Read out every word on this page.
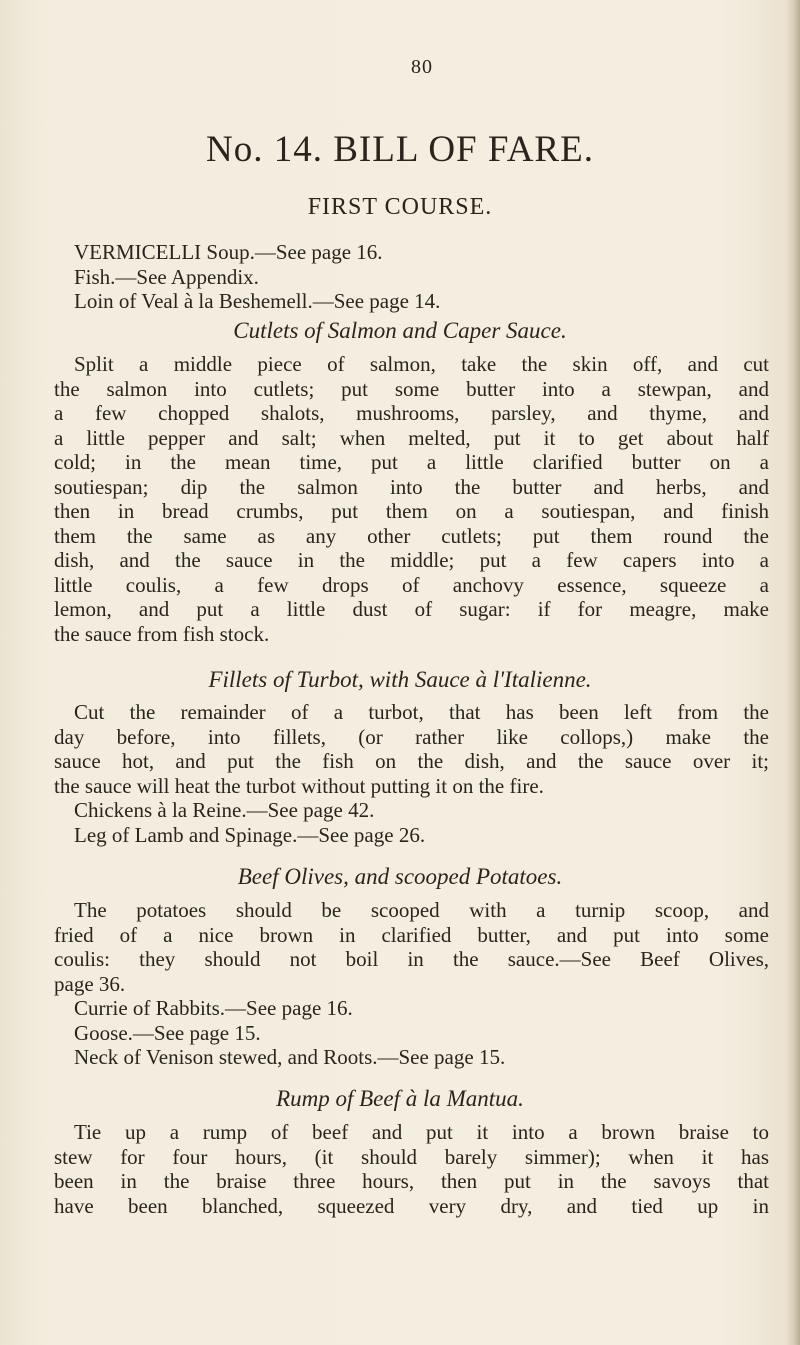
80
No. 14. BILL OF FARE.
FIRST COURSE.
VERMICELLI Soup.—See page 16.
Fish.—See Appendix.
Loin of Veal à la Beshemell.—See page 14.
Cutlets of Salmon and Caper Sauce.
Split a middle piece of salmon, take the skin off, and cut
the salmon into cutlets; put some butter into a stewpan, and
a few chopped shalots, mushrooms, parsley, and thyme, and
a little pepper and salt; when melted, put it to get about half
cold; in the mean time, put a little clarified butter on a
soutiespan; dip the salmon into the butter and herbs, and
then in bread crumbs, put them on a soutiespan, and finish
them the same as any other cutlets; put them round the
dish, and the sauce in the middle; put a few capers into a
little coulis, a few drops of anchovy essence, squeeze a
lemon, and put a little dust of sugar: if for meagre, make
the sauce from fish stock.
Fillets of Turbot, with Sauce à l'Italienne.
Cut the remainder of a turbot, that has been left from the
day before, into fillets, (or rather like collops,) make the
sauce hot, and put the fish on the dish, and the sauce over it;
the sauce will heat the turbot without putting it on the fire.
Chickens à la Reine.—See page 42.
Leg of Lamb and Spinage.—See page 26.
Beef Olives, and scooped Potatoes.
The potatoes should be scooped with a turnip scoop, and
fried of a nice brown in clarified butter, and put into some
coulis: they should not boil in the sauce.—See Beef Olives,
page 36.
Currie of Rabbits.—See page 16.
Goose.—See page 15.
Neck of Venison stewed, and Roots.—See page 15.
Rump of Beef à la Mantua.
Tie up a rump of beef and put it into a brown braise to
stew for four hours, (it should barely simmer); when it has
been in the braise three hours, then put in the savoys that
have been blanched, squeezed very dry, and tied up in
